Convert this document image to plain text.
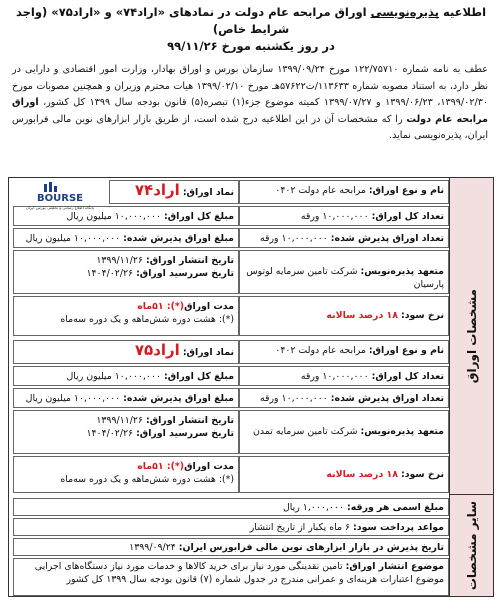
اطلاعیه پذیره‌نویسی اوراق مرابحه عام دولت در نمادهای «اراد۷۴» و «اراد۷۵» (واجد شرایط خاص)
در روز یکشنبه مورخ ۹۹/۱۱/۲۶
عطف به نامه شماره ۱۲۲/۷۵۷۱۰ مورخ ۱۳۹۹/۰۹/۲۴ سازمان بورس و اوراق بهادار، وزارت امور اقتصادی و دارایی در نظر دارد، به استناد مصوبه شماره ۱۱۳۶۳۳/ت۵۷۶۲۲هـ مورخ ۱۳۹۹/۰۲/۱۰ هیات محترم وزیران و همچنین مصوبات مورخ ۱۳۹۹/۰۲/۳۰، ۱۳۹۹/۰۶/۲۳ و ۱۳۹۹/۰۷/۲۷ کمیته موضوع جزء(۱) تبصره(۵) قانون بودجه سال ۱۳۹۹ کل کشور، اوراق مرابحه عام دولت را که مشخصات آن در این اطلاعیه درج شده است، از طریق بازار ابزارهای نوین مالی فرابورس ایران، پذیره‌نویسی نماید.
مشخصات اوراق
سایر مشخصات
نام و نوع اوراق: مرابحه عام دولت ۰۴۰۲
نماد اوراق: اراد۷۴
تعداد کل اوراق: ۱۰,۰۰۰,۰۰۰ ورقه
مبلغ کل اوراق: ۱۰,۰۰۰,۰۰۰ میلیون ریال
تعداد اوراق پذیرش شده: ۱۰,۰۰۰,۰۰۰ ورقه
مبلغ اوراق پذیرش شده: ۱۰,۰۰۰,۰۰۰ میلیون ریال
متعهد پذیره‌نویس: شرکت تامین سرمایه لوتوس پارسیان
تاریخ انتشار اوراق: ۱۳۹۹/۱۱/۲۶
تاریخ سررسید اوراق: ۱۴۰۴/۰۲/۲۶
نرخ سود: ۱۸ درصد سالانه
مدت اوراق(*): ۵۱ماه
(*): هشت دوره شش‌ماهه و یک دوره سه‌ماه
نام و نوع اوراق: مرابحه عام دولت ۰۴۰۲
نماد اوراق: اراد۷۵
تعداد کل اوراق: ۱۰,۰۰۰,۰۰۰ ورقه
مبلغ کل اوراق: ۱۰,۰۰۰,۰۰۰ میلیون ریال
تعداد اوراق پذیرش شده: ۱۰,۰۰۰,۰۰۰ ورقه
مبلغ اوراق پذیرش شده: ۱۰,۰۰۰,۰۰۰ میلیون ریال
متعهد پذیره‌نویس: شرکت تامین سرمایه تمدن
تاریخ انتشار اوراق: ۱۳۹۹/۱۱/۲۶
تاریخ سررسید اوراق: ۱۴۰۴/۰۲/۲۶
نرخ سود: ۱۸ درصد سالانه
مدت اوراق(*): ۵۱ماه
(*): هشت دوره شش‌ماهه و یک دوره سه‌ماه
مبلغ اسمی هر ورقه: ۱,۰۰۰,۰۰۰ ریال
مواعد پرداخت سود: ۶ ماه یکبار از تاریخ انتشار
تاریخ پذیرش در بازار ابزارهای نوین مالی فرابورس ایران: ۱۳۹۹/۰۹/۲۴
موضوع انتشار اوراق: تامین نقدینگی مورد نیاز برای خرید کالاها و خدمات مورد نیاز دستگاه‌های اجرایی موضوع اعتبارات هزینه‌ای و عمرانی مندرج در جدول شماره (۷) قانون بودجه سال ۱۳۹۹ کل کشور
BOURSE
پایگاه اطلاع رسانی و تحلیلی بورس ایران
